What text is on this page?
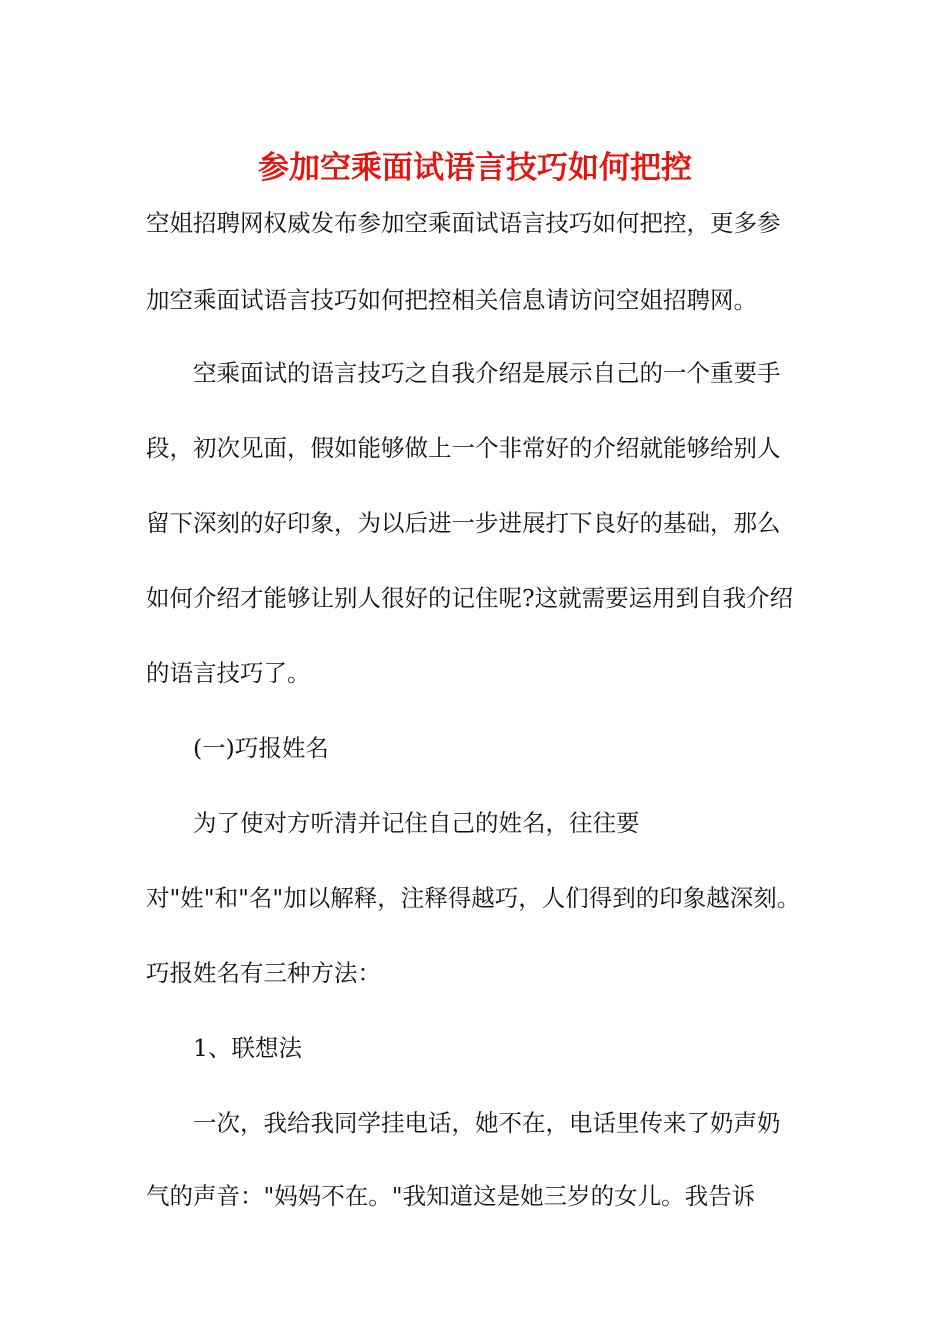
参加空乘面试语言技巧如何把控

空姐招聘网权威发布参加空乘面试语言技巧如何把控，更多参

加空乘面试语言技巧如何把控相关信息请访问空姐招聘网。

空乘面试的语言技巧之自我介绍是展示自己的一个重要手

段，初次见面，假如能够做上一个非常好的介绍就能够给别人

留下深刻的好印象，为以后进一步进展打下良好的基础，那么

如何介绍才能够让别人很好的记住呢?这就需要运用到自我介绍

的语言技巧了。

(一)巧报姓名

为了使对方听清并记住自己的姓名，往往要

对"姓"和"名"加以解释，注释得越巧，人们得到的印象越深刻。

巧报姓名有三种方法：

1、联想法

一次，我给我同学挂电话，她不在，电话里传来了奶声奶

气的声音："妈妈不在。"我知道这是她三岁的女儿。我告诉
